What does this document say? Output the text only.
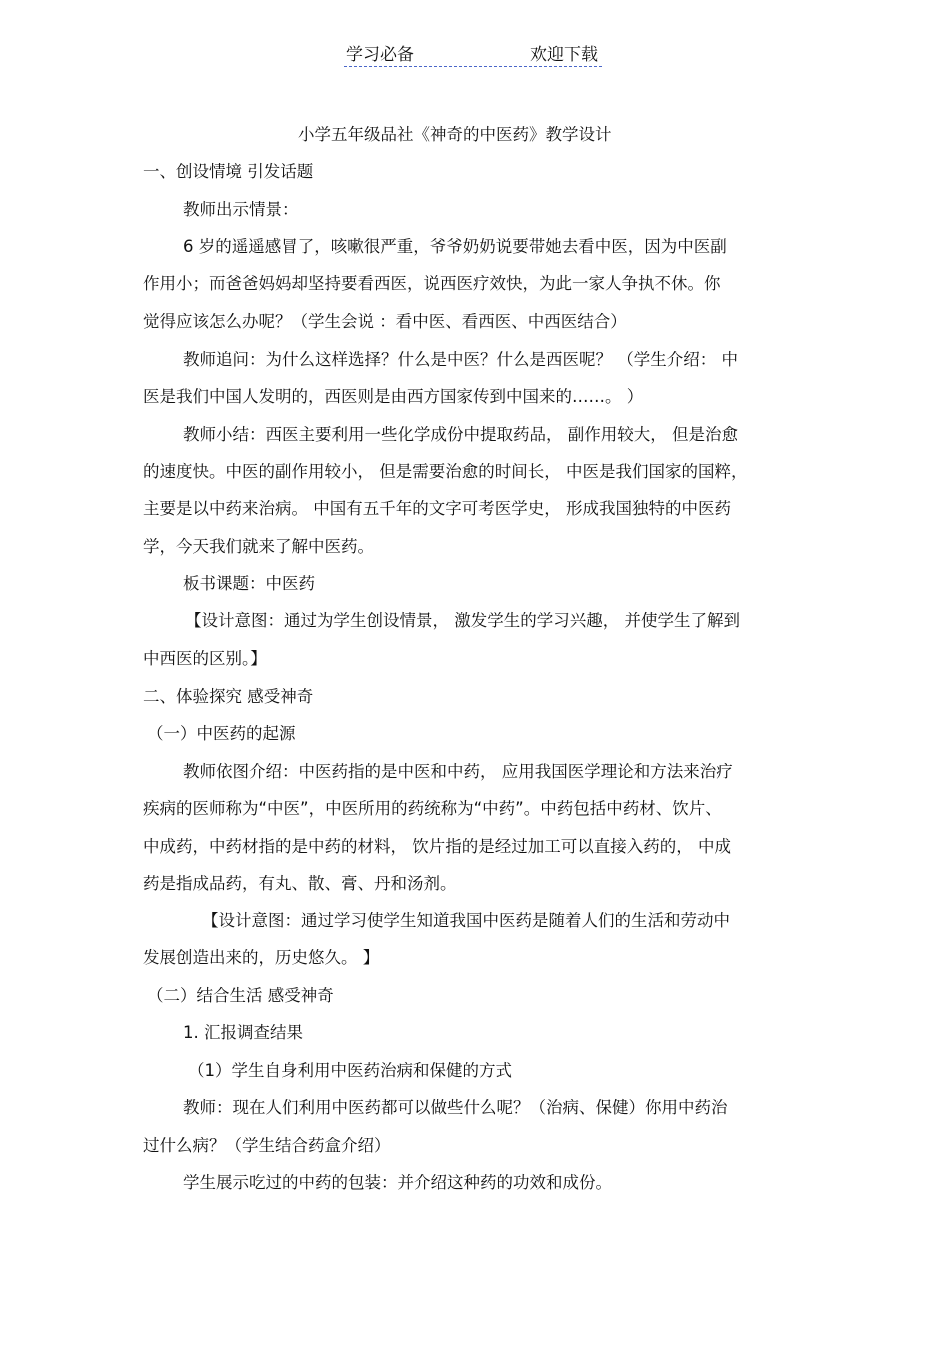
学习必备	欢迎下载
小学五年级品社《神奇的中医药》教学设计
一、创设情境 引发话题
教师出示情景：
6 岁的遥遥感冒了，咳嗽很严重，爷爷奶奶说要带她去看中医，因为中医副
作用小；而爸爸妈妈却坚持要看西医，说西医疗效快，为此一家人争执不休。你
觉得应该怎么办呢？（学生会说 ：看中医、看西医、中西医结合）
教师追问：为什么这样选择？什么是中医？什么是西医呢？ （学生介绍： 中
医是我们中国人发明的，西医则是由西方国家传到中国来的……。 ）
教师小结：西医主要利用一些化学成份中提取药品， 副作用较大， 但是治愈
的速度快。中医的副作用较小， 但是需要治愈的时间长， 中医是我们国家的国粹，
主要是以中药来治病。 中国有五千年的文字可考医学史， 形成我国独特的中医药
学，今天我们就来了解中医药。
板书课题：中医药
【设计意图：通过为学生创设情景， 激发学生的学习兴趣， 并使学生了解到
中西医的区别。】
二、体验探究 感受神奇
（一）中医药的起源
教师依图介绍：中医药指的是中医和中药， 应用我国医学理论和方法来治疗
疾病的医师称为“中医”，中医所用的药统称为“中药”。中药包括中药材、饮片、
中成药，中药材指的是中药的材料， 饮片指的是经过加工可以直接入药的， 中成
药是指成品药，有丸、散、膏、丹和汤剂。
【设计意图：通过学习使学生知道我国中医药是随着人们的生活和劳动中
发展创造出来的，历史悠久。 】
（二）结合生活 感受神奇
1. 汇报调查结果
（1）学生自身利用中医药治病和保健的方式
教师：现在人们利用中医药都可以做些什么呢？（治病、保健）你用中药治
过什么病？（学生结合药盒介绍）
学生展示吃过的中药的包装：并介绍这种药的功效和成份。
